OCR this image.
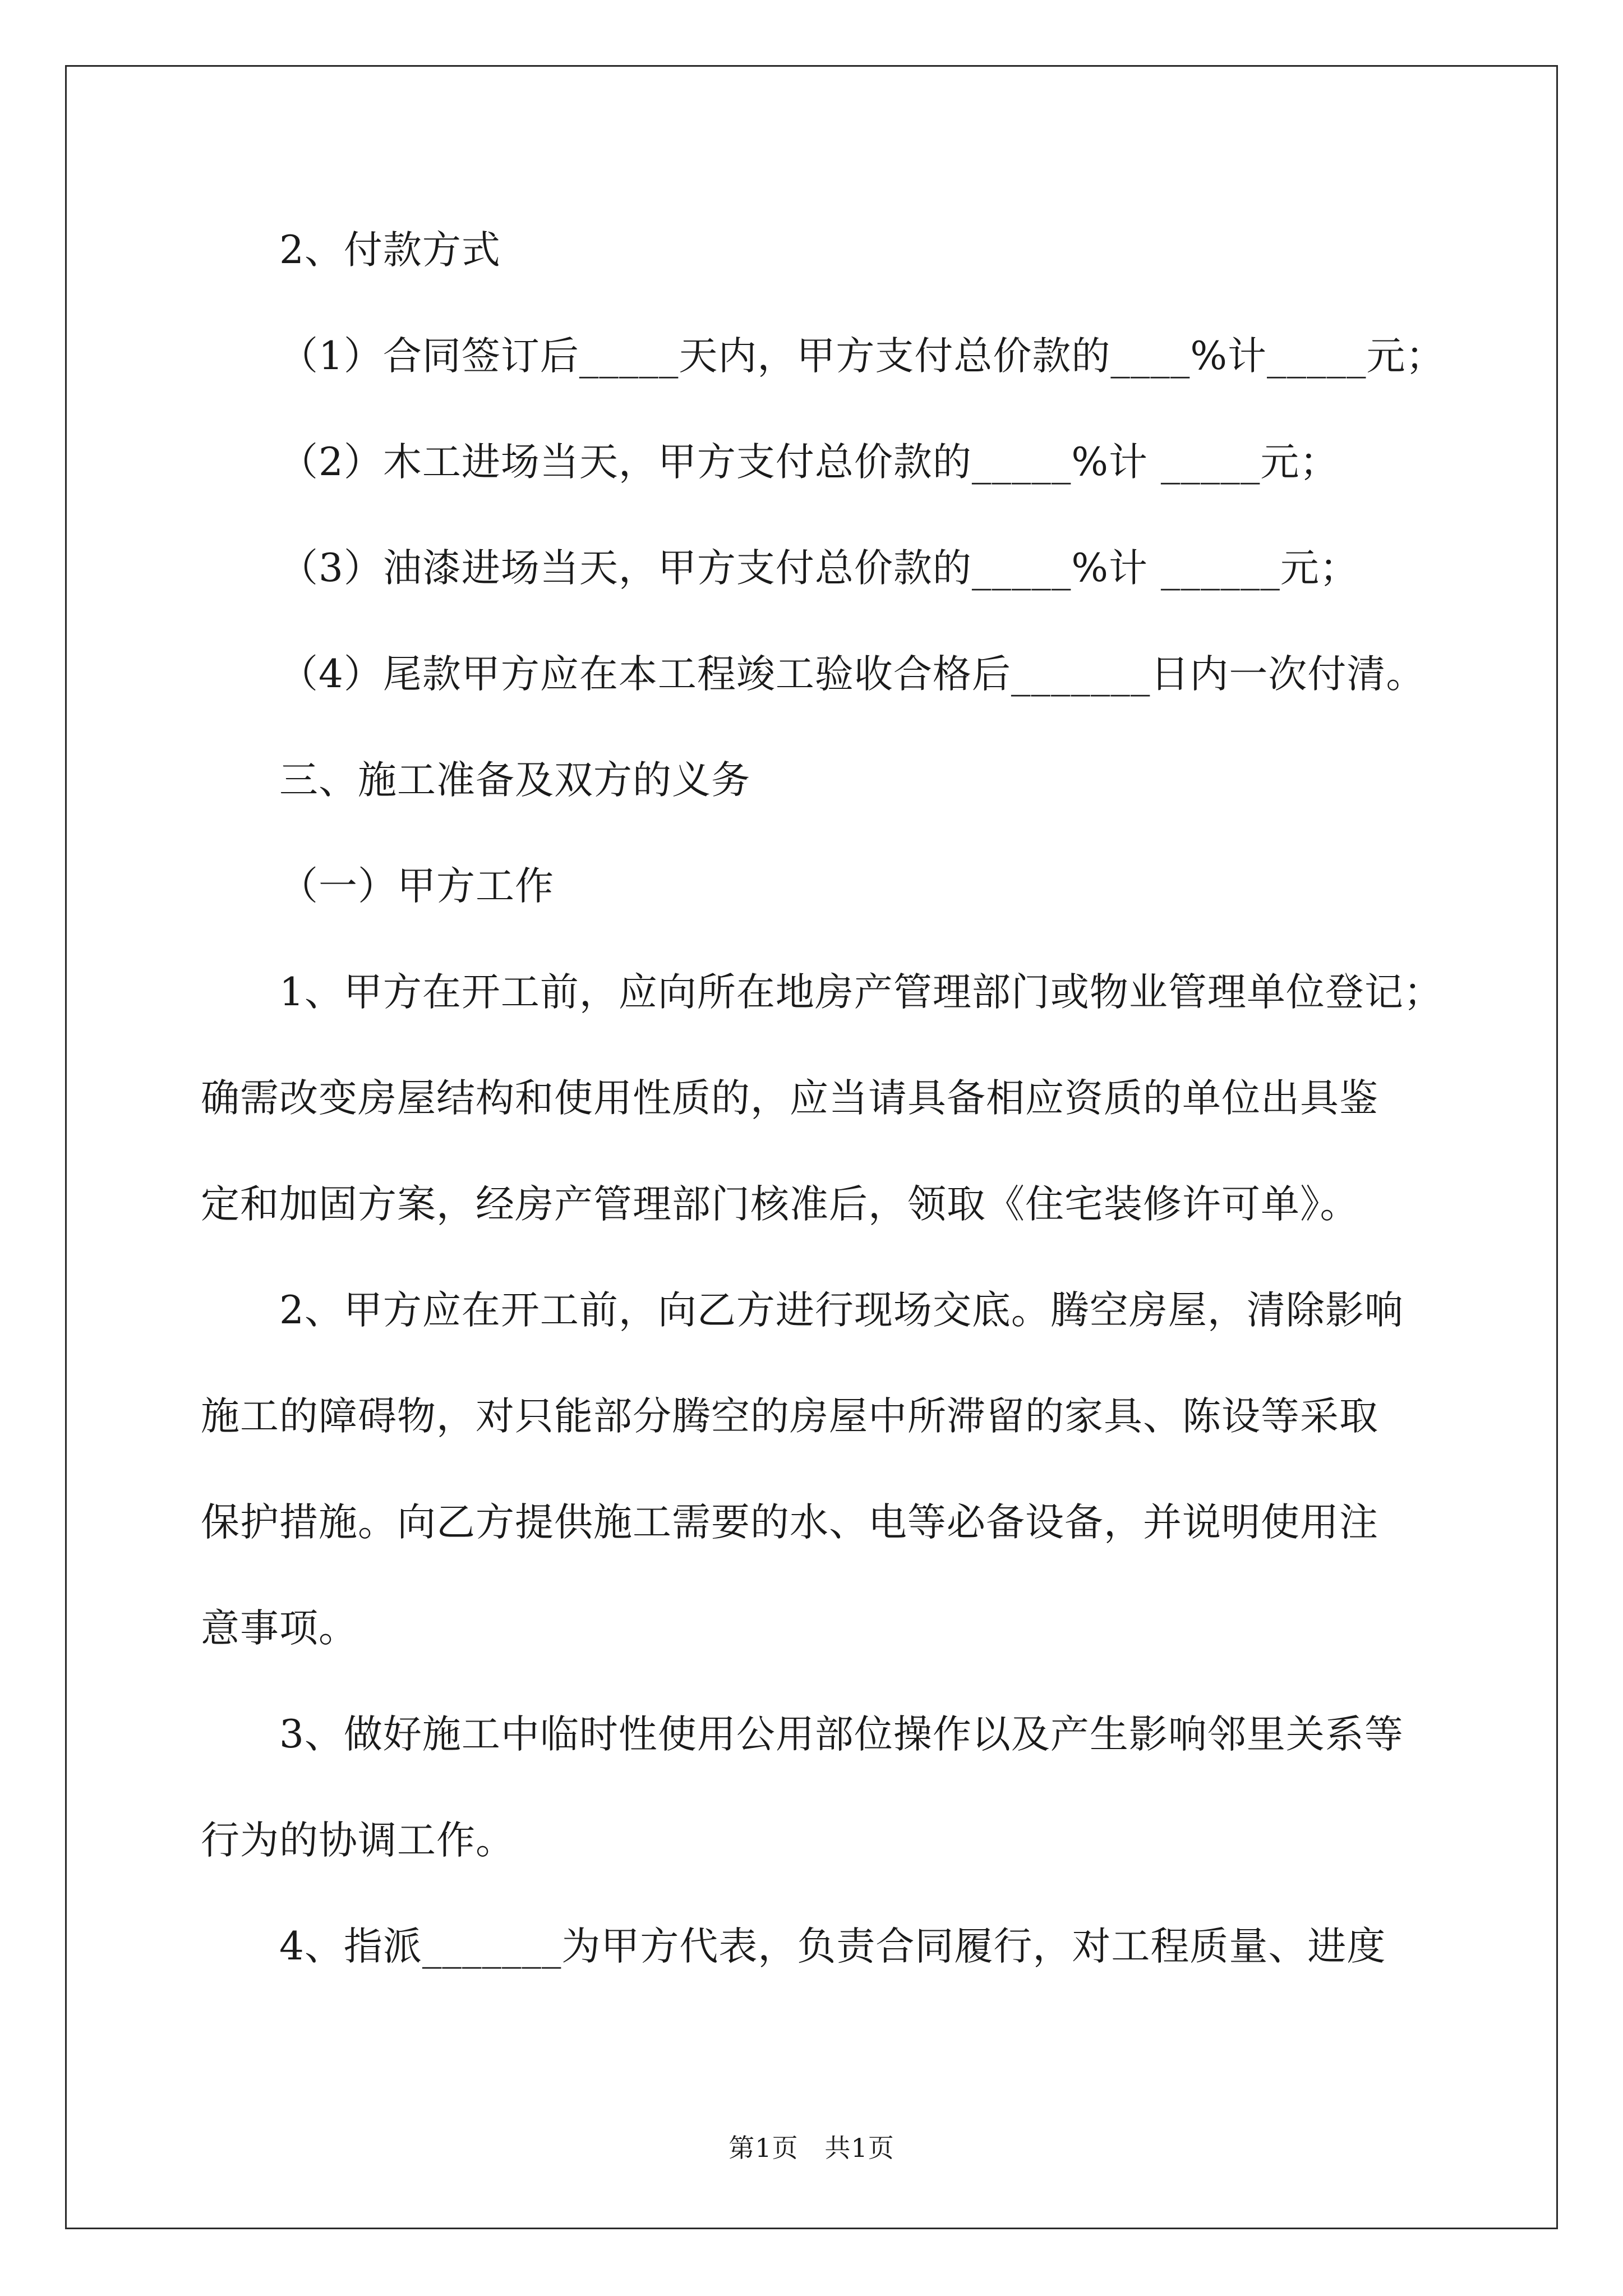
2、付款方式
（1）合同签订后_____天内，甲方支付总价款的____%计_____元；
（2）木工进场当天，甲方支付总价款的_____%计 _____元；
（3）油漆进场当天，甲方支付总价款的_____%计 ______元；
（4）尾款甲方应在本工程竣工验收合格后_______日内一次付清。
三、施工准备及双方的义务
（一）甲方工作
1、甲方在开工前，应向所在地房产管理部门或物业管理单位登记；
确需改变房屋结构和使用性质的，应当请具备相应资质的单位出具鉴
定和加固方案，经房产管理部门核准后，领取《住宅装修许可单》。
2、甲方应在开工前，向乙方进行现场交底。腾空房屋，清除影响
施工的障碍物，对只能部分腾空的房屋中所滞留的家具、陈设等采取
保护措施。向乙方提供施工需要的水、电等必备设备，并说明使用注
意事项。
3、做好施工中临时性使用公用部位操作以及产生影响邻里关系等
行为的协调工作。
4、指派_______为甲方代表，负责合同履行，对工程质量、进度
第1页   共1页
